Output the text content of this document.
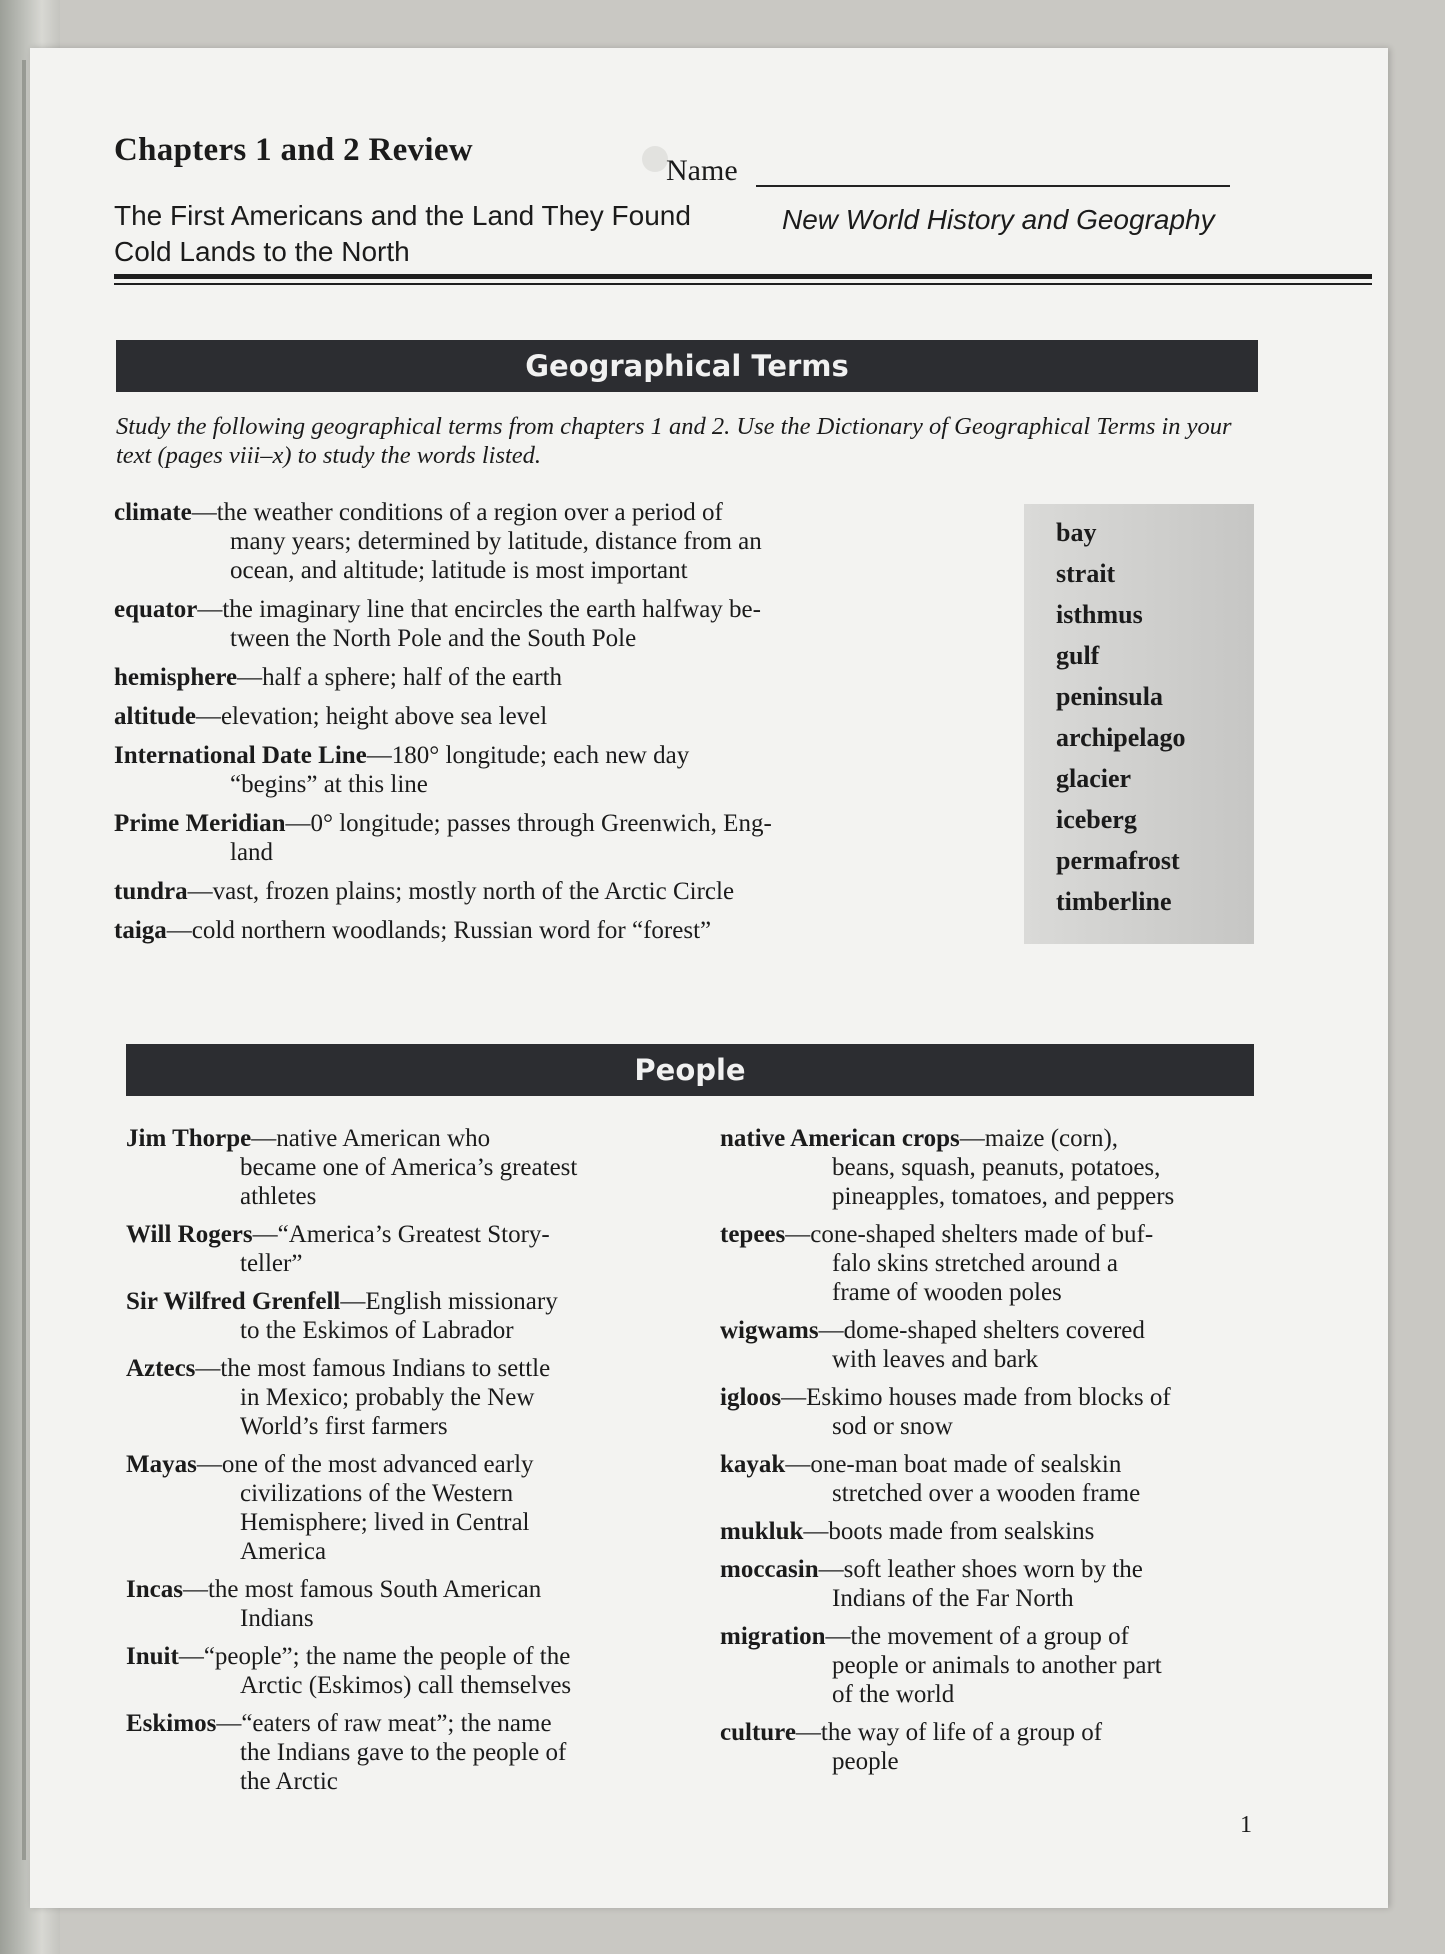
Chapters 1 and 2 Review
Name
The First Americans and the Land They Found
Cold Lands to the North
New World History and Geography
Geographical Terms
Study the following geographical terms from chapters 1 and 2. Use the Dictionary of Geographical Terms in your text (pages viii–x) to study the words listed.
climate—the weather conditions of a region over a period of
many years; determined by latitude, distance from an
ocean, and altitude; latitude is most important
equator—the imaginary line that encircles the earth halfway be-
tween the North Pole and the South Pole
hemisphere—half a sphere; half of the earth
altitude—elevation; height above sea level
International Date Line—180° longitude; each new day
“begins” at this line
Prime Meridian—0° longitude; passes through Greenwich, Eng-
land
tundra—vast, frozen plains; mostly north of the Arctic Circle
taiga—cold northern woodlands; Russian word for “forest”
bay
strait
isthmus
gulf
peninsula
archipelago
glacier
iceberg
permafrost
timberline
People
Jim Thorpe—native American who
became one of America’s greatest
athletes
Will Rogers—“America’s Greatest Story-
teller”
Sir Wilfred Grenfell—English missionary
to the Eskimos of Labrador
Aztecs—the most famous Indians to settle
in Mexico; probably the New
World’s first farmers
Mayas—one of the most advanced early
civilizations of the Western
Hemisphere; lived in Central
America
Incas—the most famous South American
Indians
Inuit—“people”; the name the people of the
Arctic (Eskimos) call themselves
Eskimos—“eaters of raw meat”; the name
the Indians gave to the people of
the Arctic
native American crops—maize (corn),
beans, squash, peanuts, potatoes,
pineapples, tomatoes, and peppers
tepees—cone-shaped shelters made of buf-
falo skins stretched around a
frame of wooden poles
wigwams—dome-shaped shelters covered
with leaves and bark
igloos—Eskimo houses made from blocks of
sod or snow
kayak—one-man boat made of sealskin
stretched over a wooden frame
mukluk—boots made from sealskins
moccasin—soft leather shoes worn by the
Indians of the Far North
migration—the movement of a group of
people or animals to another part
of the world
culture—the way of life of a group of
people
1
